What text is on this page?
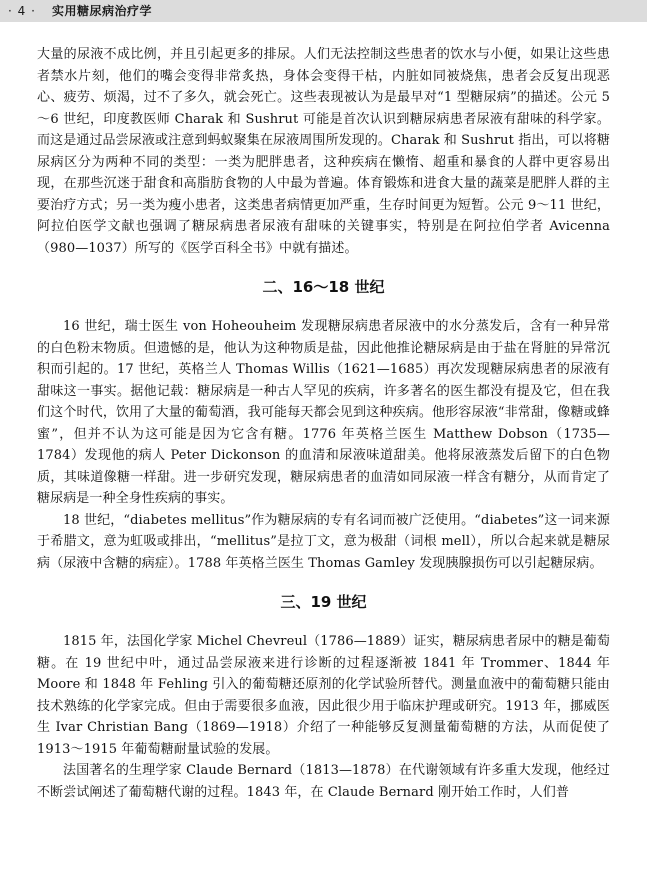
· 4 · 实用糖尿病治疗学

大量的尿液不成比例，并且引起更多的排尿。人们无法控制这些患者的饮水与小便，如果让这些患者禁水片刻，他们的嘴会变得非常炙热，身体会变得干枯，内脏如同被烧焦，患者会反复出现恶心、疲劳、烦渴，过不了多久，就会死亡。这些表现被认为是最早对“1 型糖尿病”的描述。公元 5～6 世纪，印度教医师 Charak 和 Sushrut 可能是首次认识到糖尿病患者尿液有甜味的科学家。而这是通过品尝尿液或注意到蚂蚁聚集在尿液周围所发现的。Charak 和 Sushrut 指出，可以将糖尿病区分为两种不同的类型：一类为肥胖患者，这种疾病在懒惰、超重和暴食的人群中更容易出现，在那些沉迷于甜食和高脂肪食物的人中最为普遍。体育锻炼和进食大量的蔬菜是肥胖人群的主要治疗方式；另一类为瘦小患者，这类患者病情更加严重，生存时间更为短暂。公元 9～11 世纪，阿拉伯医学文献也强调了糖尿病患者尿液有甜味的关键事实，特别是在阿拉伯学者 Avicenna（980—1037）所写的《医学百科全书》中就有描述。

二、16～18 世纪

16 世纪，瑞士医生 von Hoheouheim 发现糖尿病患者尿液中的水分蒸发后，含有一种异常的白色粉末物质。但遗憾的是，他认为这种物质是盐，因此他推论糖尿病是由于盐在肾脏的异常沉积而引起的。17 世纪，英格兰人 Thomas Willis（1621—1685）再次发现糖尿病患者的尿液有甜味这一事实。据他记载：糖尿病是一种古人罕见的疾病，许多著名的医生都没有提及它，但在我们这个时代，饮用了大量的葡萄酒，我可能每天都会见到这种疾病。他形容尿液“非常甜，像糖或蜂蜜”，但并不认为这可能是因为它含有糖。1776 年英格兰医生 Matthew Dobson（1735—1784）发现他的病人 Peter Dickonson 的血清和尿液味道甜美。他将尿液蒸发后留下的白色物质，其味道像糖一样甜。进一步研究发现，糖尿病患者的血清如同尿液一样含有糖分，从而肯定了糖尿病是一种全身性疾病的事实。

18 世纪，“diabetes mellitus”作为糖尿病的专有名词而被广泛使用。“diabetes”这一词来源于希腊文，意为虹吸或排出，“mellitus”是拉丁文，意为极甜（词根 mell），所以合起来就是糖尿病（尿液中含糖的病症）。1788 年英格兰医生 Thomas Gamley 发现胰腺损伤可以引起糖尿病。

三、19 世纪

1815 年，法国化学家 Michel Chevreul（1786—1889）证实，糖尿病患者尿中的糖是葡萄糖。在 19 世纪中叶，通过品尝尿液来进行诊断的过程逐渐被 1841 年 Trommer、1844 年 Moore 和 1848 年 Fehling 引入的葡萄糖还原剂的化学试验所替代。测量血液中的葡萄糖只能由技术熟练的化学家完成。但由于需要很多血液，因此很少用于临床护理或研究。1913 年，挪威医生 Ivar Christian Bang（1869—1918）介绍了一种能够反复测量葡萄糖的方法，从而促使了 1913～1915 年葡萄糖耐量试验的发展。

法国著名的生理学家 Claude Bernard（1813—1878）在代谢领域有许多重大发现，他经过不断尝试阐述了葡萄糖代谢的过程。1843 年，在 Claude Bernard 刚开始工作时，人们普
